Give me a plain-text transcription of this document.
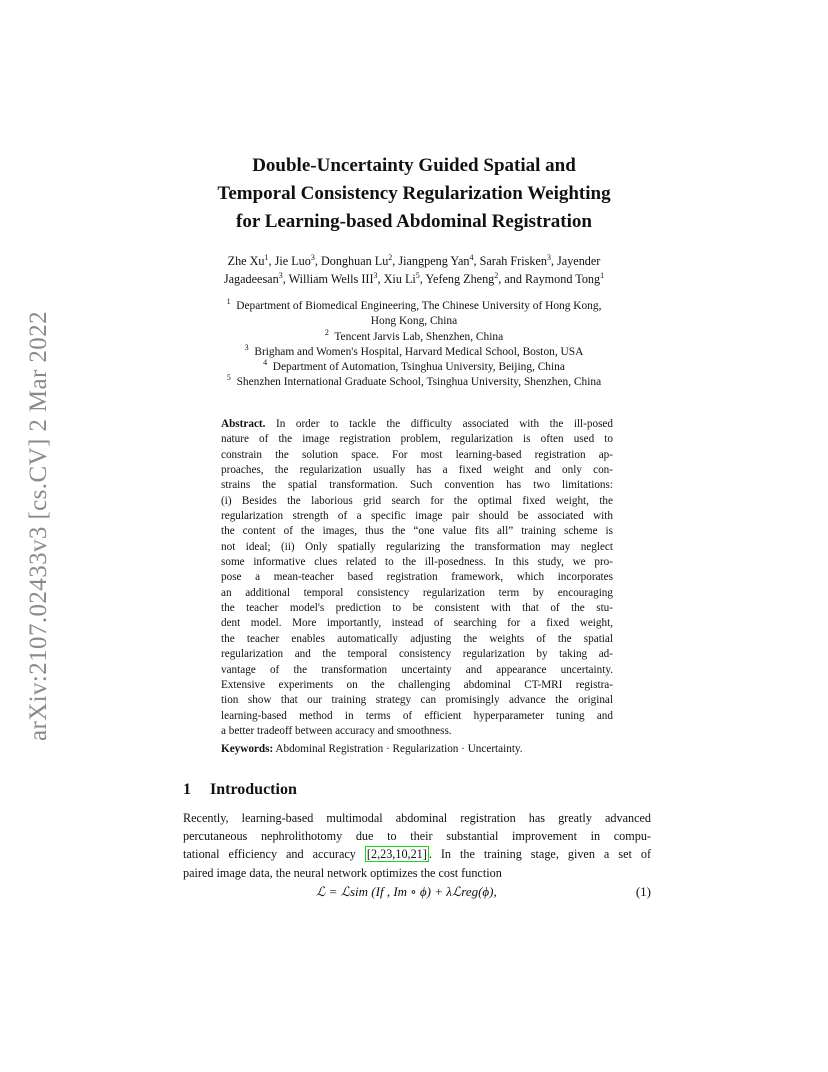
arXiv:2107.02433v3 [cs.CV] 2 Mar 2022
Double-Uncertainty Guided Spatial and
Temporal Consistency Regularization Weighting
for Learning-based Abdominal Registration
Zhe Xu$^1$, Jie Luo$^3$, Donghuan Lu$^2$, Jiangpeng Yan$^4$, Sarah Frisken$^3$, Jayender
Jagadeesan$^3$, William Wells III$^3$, Xiu Li$^5$, Yefeng Zheng$^2$, and Raymond Tong$^1$
$^1$ Department of Biomedical Engineering, The Chinese University of Hong Kong,
Hong Kong, China
$^2$ Tencent Jarvis Lab, Shenzhen, China
$^3$ Brigham and Women's Hospital, Harvard Medical School, Boston, USA
$^4$ Department of Automation, Tsinghua University, Beijing, China
$^5$ Shenzhen International Graduate School, Tsinghua University, Shenzhen, China
Abstract. In order to tackle the difficulty associated with the ill-posed
nature of the image registration problem, regularization is often used to
constrain the solution space. For most learning-based registration ap-
proaches, the regularization usually has a fixed weight and only con-
strains the spatial transformation. Such convention has two limitations:
(i) Besides the laborious grid search for the optimal fixed weight, the
regularization strength of a specific image pair should be associated with
the content of the images, thus the “one value fits all” training scheme is
not ideal; (ii) Only spatially regularizing the transformation may neglect
some informative clues related to the ill-posedness. In this study, we pro-
pose a mean-teacher based registration framework, which incorporates
an additional temporal consistency regularization term by encouraging
the teacher model's prediction to be consistent with that of the stu-
dent model. More importantly, instead of searching for a fixed weight,
the teacher enables automatically adjusting the weights of the spatial
regularization and the temporal consistency regularization by taking ad-
vantage of the transformation uncertainty and appearance uncertainty.
Extensive experiments on the challenging abdominal CT-MRI registra-
tion show that our training strategy can promisingly advance the original
learning-based method in terms of efficient hyperparameter tuning and
a better tradeoff between accuracy and smoothness.
Keywords: Abdominal Registration · Regularization · Uncertainty.
1 Introduction
Recently, learning-based multimodal abdominal registration has greatly advanced
percutaneous nephrolithotomy due to their substantial improvement in compu-
tational efficiency and accuracy [2,23,10,21] . In the training stage, given a set of
paired image data, the neural network optimizes the cost function
ℒ = ℒsim (If , Im ∘ ϕ) + λℒreg(ϕ),	(1)
